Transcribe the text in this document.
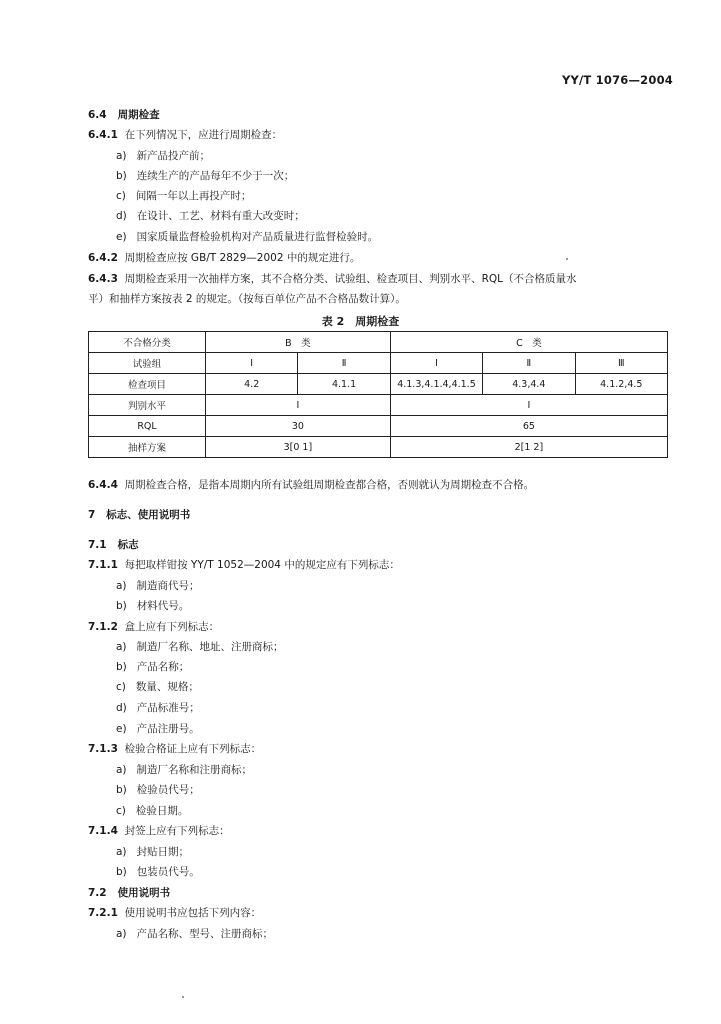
YY/T 1076—2004
6.4 周期检查
6.4.1 在下列情况下，应进行周期检查：
a) 新产品投产前；
b) 连续生产的产品每年不少于一次；
c) 间隔一年以上再投产时；
d) 在设计、工艺、材料有重大改变时；
e) 国家质量监督检验机构对产品质量进行监督检验时。
6.4.2 周期检查应按 GB/T 2829—2002 中的规定进行。
6.4.3 周期检查采用一次抽样方案，其不合格分类、试验组、检查项目、判别水平、RQL（不合格质量水
平）和抽样方案按表 2 的规定。（按每百单位产品不合格品数计算）。
表 2　周期检查
不合格分类	B　类		C　类		
试验组	Ⅰ	Ⅱ	Ⅰ	Ⅱ	Ⅲ
检查项目	4.2	4.1.1	4.1.3,4.1.4,4.1.5	4.3,4.4	4.1.2,4.5
判别水平	Ⅰ		Ⅰ		
RQL	30		65		
抽样方案	3[0 1]		2[1 2]		
6.4.4 周期检查合格，是指本周期内所有试验组周期检查都合格，否则就认为周期检查不合格。
7 标志、使用说明书
7.1 标志
7.1.1 每把取样钳按 YY/T 1052—2004 中的规定应有下列标志：
a) 制造商代号；
b) 材料代号。
7.1.2 盒上应有下列标志：
a) 制造厂名称、地址、注册商标；
b) 产品名称；
c) 数量、规格；
d) 产品标准号；
e) 产品注册号。
7.1.3 检验合格证上应有下列标志：
a) 制造厂名称和注册商标；
b) 检验员代号；
c) 检验日期。
7.1.4 封签上应有下列标志：
a) 封贴日期；
b) 包装员代号。
7.2 使用说明书
7.2.1 使用说明书应包括下列内容：
a) 产品名称、型号、注册商标；
